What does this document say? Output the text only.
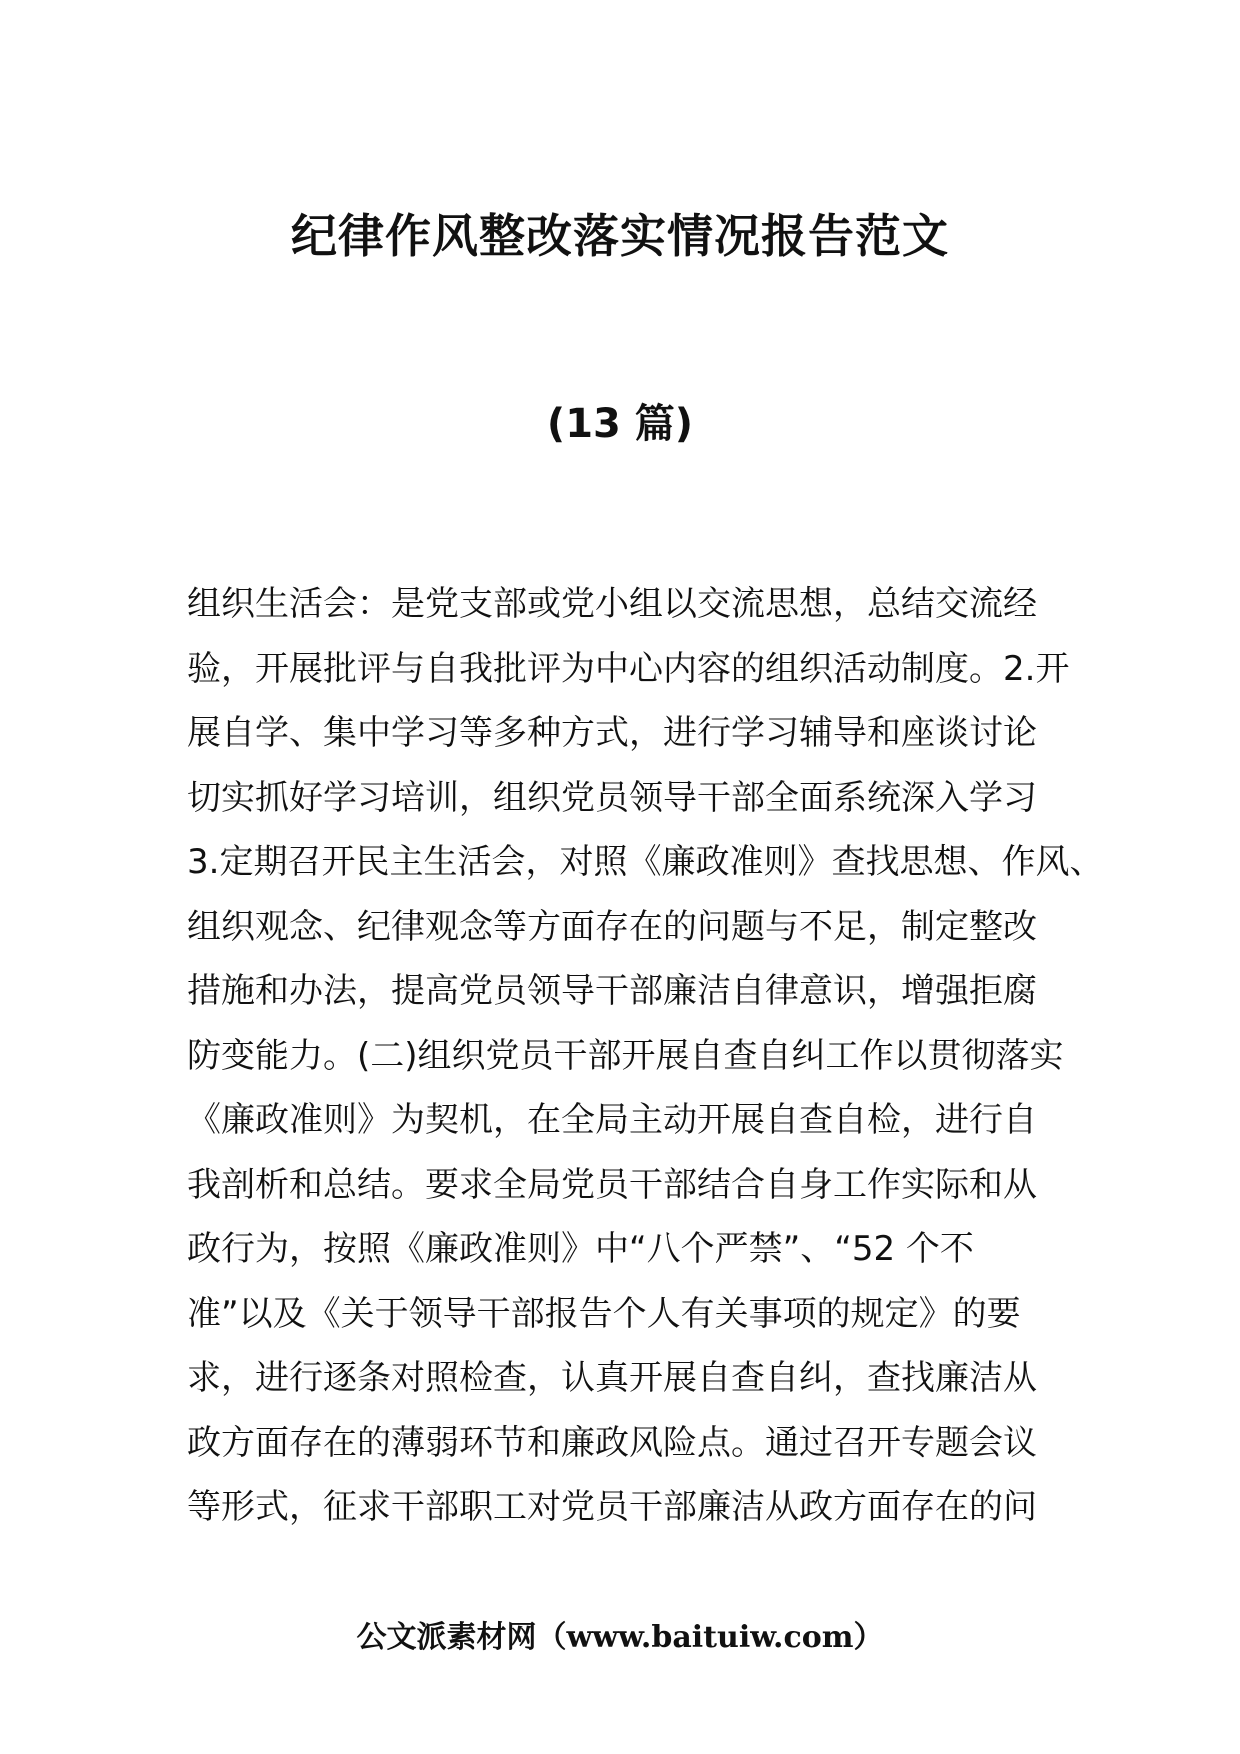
纪律作风整改落实情况报告范文
(13 篇)
组织生活会：是党支部或党小组以交流思想，总结交流经
验，开展批评与自我批评为中心内容的组织活动制度。2.开
展自学、集中学习等多种方式，进行学习辅导和座谈讨论
切实抓好学习培训，组织党员领导干部全面系统深入学习
3.定期召开民主生活会，对照《廉政准则》查找思想、作风、
组织观念、纪律观念等方面存在的问题与不足，制定整改
措施和办法，提高党员领导干部廉洁自律意识，增强拒腐
防变能力。(二)组织党员干部开展自查自纠工作以贯彻落实
《廉政准则》为契机，在全局主动开展自查自检，进行自
我剖析和总结。要求全局党员干部结合自身工作实际和从
政行为，按照《廉政准则》中“八个严禁”、“52 个不
准”以及《关于领导干部报告个人有关事项的规定》的要
求，进行逐条对照检查，认真开展自查自纠，查找廉洁从
政方面存在的薄弱环节和廉政风险点。通过召开专题会议
等形式，征求干部职工对党员干部廉洁从政方面存在的问
公文派素材网（www.baituiw.com）
